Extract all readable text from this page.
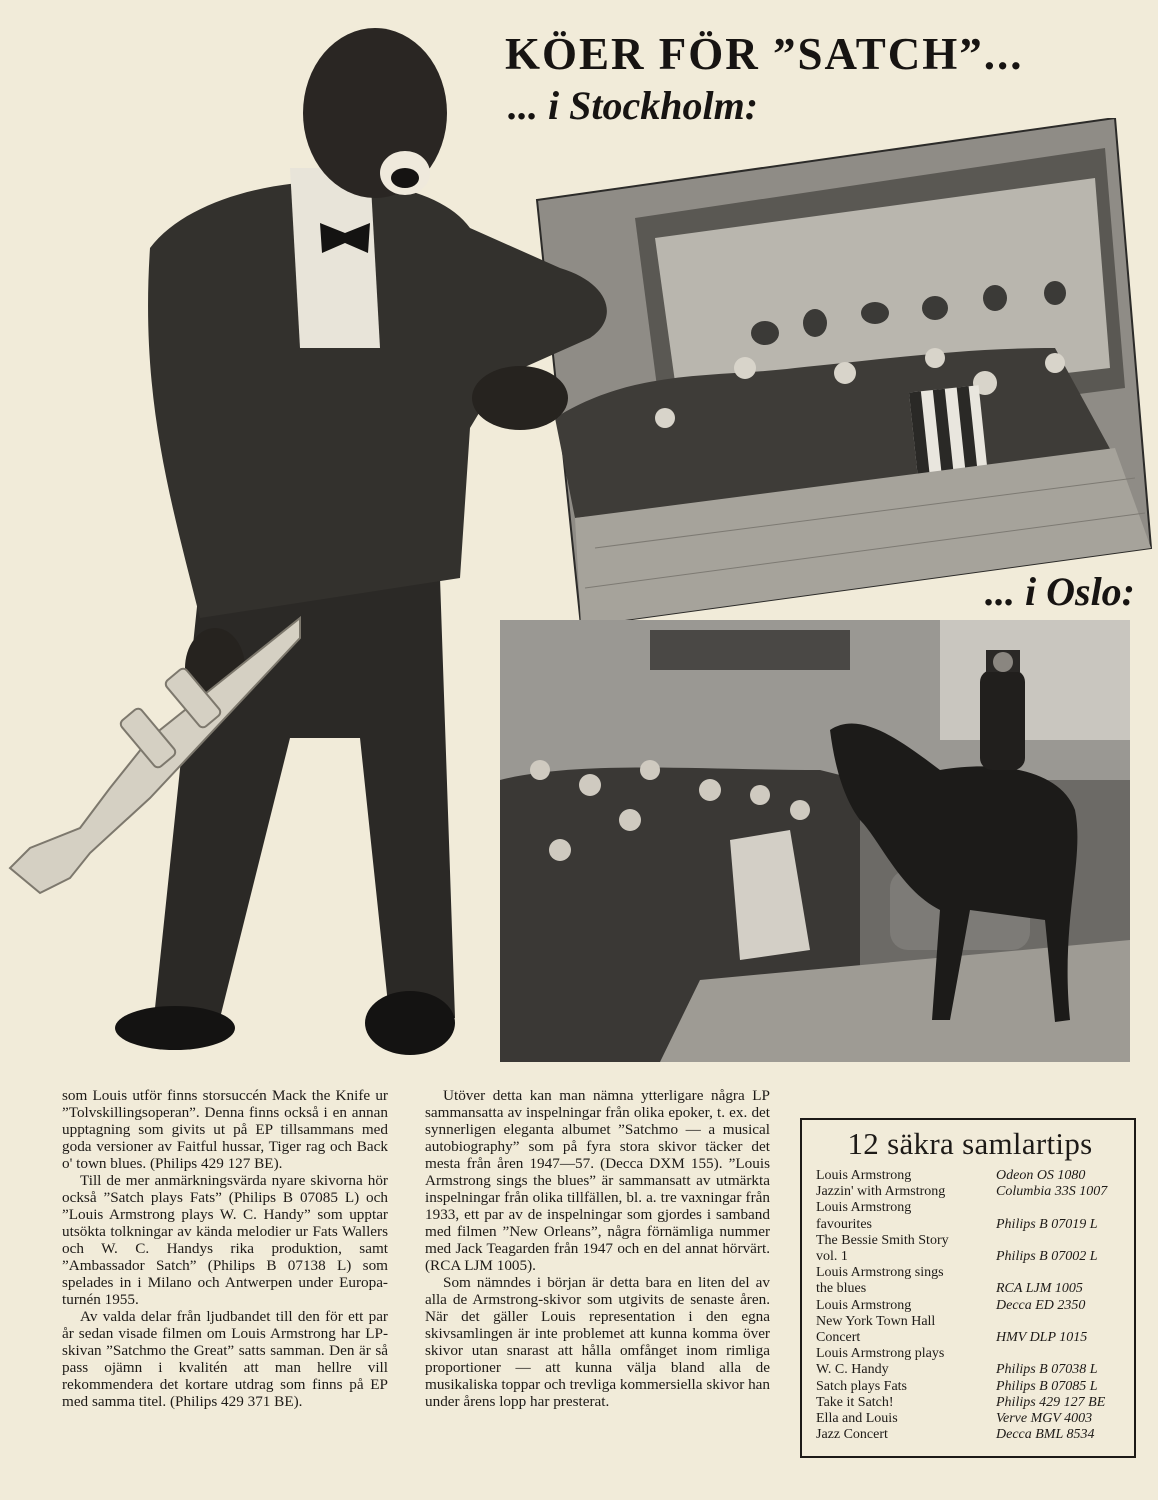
KÖER FÖR ”SATCH”...
... i Stockholm:
... i Oslo:

som Louis utför finns storsuccén Mack the Knife ur ”Tolvskillingsoperan”. Denna finns också i en annan upptagning som givits ut på EP tillsammans med goda versioner av Faitful hussar, Tiger rag och Back o' town blues. (Philips 429 127 BE).

Till de mer anmärkningsvärda nyare skivorna hör också ”Satch plays Fats” (Philips B 07085 L) och ”Louis Armstrong plays W. C. Handy” som upptar utsökta tolkningar av kända melodier ur Fats Wallers och W. C. Handys rika produktion, samt ”Ambassador Satch” (Philips B 07138 L) som spelades in i Milano och Antwerpen under Europa-turnén 1955.

Av valda delar från ljudbandet till den för ett par år sedan visade filmen om Louis Armstrong har LP-skivan ”Satchmo the Great” satts samman. Den är så pass ojämn i kvalitén att man hellre vill rekommendera det kortare utdrag som finns på EP med samma titel. (Philips 429 371 BE).

Utöver detta kan man nämna ytterligare några LP sammansatta av inspelningar från olika epoker, t. ex. det synnerligen eleganta albumet ”Satchmo — a musical autobiography” som på fyra stora skivor täcker det mesta från åren 1947—57. (Decca DXM 155). ”Louis Armstrong sings the blues” är sammansatt av utmärkta inspelningar från olika tillfällen, bl. a. tre vaxningar från 1933, ett par av de inspelningar som gjordes i samband med filmen ”New Orleans”, några förnämliga nummer med Jack Teagarden från 1947 och en del annat hörvärt. (RCA LJM 1005).

Som nämndes i början är detta bara en liten del av alla de Armstrong-skivor som utgivits de senaste åren. När det gäller Louis representation i den egna skivsamlingen är inte problemet att kunna komma över skivor utan snarast att hålla omfånget inom rimliga proportioner — att kunna välja bland alla de musikaliska toppar och trevliga kommersiella skivor han under årens lopp har presterat.

12 säkra samlartips
Louis Armstrong	Odeon OS 1080
Jazzin' with Armstrong	Columbia 33S 1007
Louis Armstrong
favourites	Philips B 07019 L
The Bessie Smith Story
vol. 1	Philips B 07002 L
Louis Armstrong sings
the blues	RCA LJM 1005
Louis Armstrong	Decca ED 2350
New York Town Hall
Concert	HMV DLP 1015
Louis Armstrong plays
W. C. Handy	Philips B 07038 L
Satch plays Fats	Philips B 07085 L
Take it Satch!	Philips 429 127 BE
Ella and Louis	Verve MGV 4003
Jazz Concert	Decca BML 8534
